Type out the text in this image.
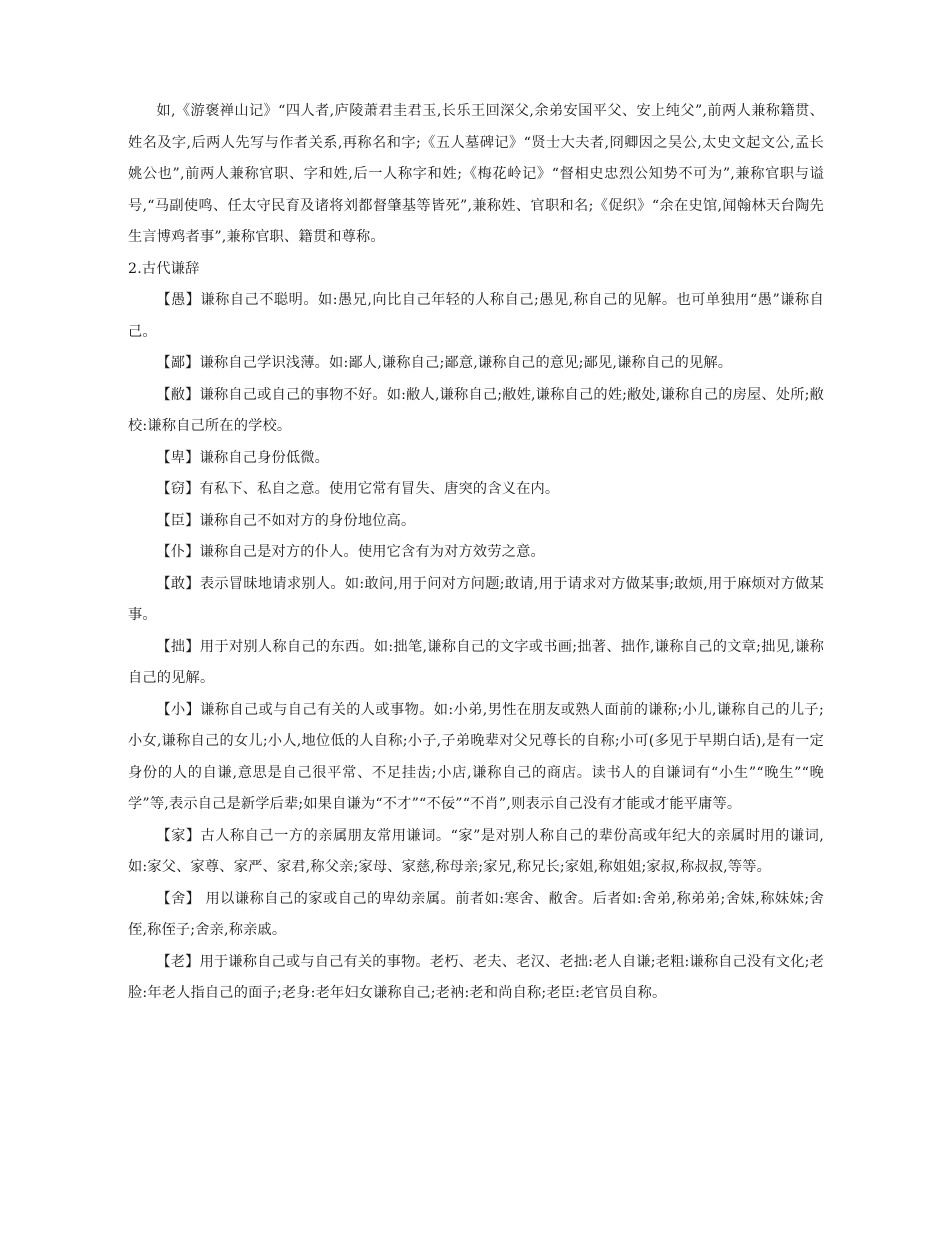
如,《游褒禅山记》“四人者,庐陵萧君圭君玉,长乐王回深父,余弟安国平父、安上纯父”,前两人兼称籍贯、姓名及字,后两人先写与作者关系,再称名和字;《五人墓碑记》“贤士大夫者,冏卿因之吴公,太史文起文公,孟长姚公也”,前两人兼称官职、字和姓,后一人称字和姓;《梅花岭记》“督相史忠烈公知势不可为”,兼称官职与谥号,“马副使鸣、任太守民育及诸将刘都督肇基等皆死”,兼称姓、官职和名;《促织》“余在史馆,闻翰林天台陶先生言博鸡者事”,兼称官职、籍贯和尊称。

2.古代谦辞

【愚】谦称自己不聪明。如:愚兄,向比自己年轻的人称自己;愚见,称自己的见解。也可单独用“愚”谦称自己。

【鄙】谦称自己学识浅薄。如:鄙人,谦称自己;鄙意,谦称自己的意见;鄙见,谦称自己的见解。

【敝】谦称自己或自己的事物不好。如:敝人,谦称自己;敝姓,谦称自己的姓;敝处,谦称自己的房屋、处所;敝校:谦称自己所在的学校。

【卑】谦称自己身份低微。

【窃】有私下、私自之意。使用它常有冒失、唐突的含义在内。

【臣】谦称自己不如对方的身份地位高。

【仆】谦称自己是对方的仆人。使用它含有为对方效劳之意。

【敢】表示冒昧地请求别人。如:敢问,用于问对方问题;敢请,用于请求对方做某事;敢烦,用于麻烦对方做某事。

【拙】用于对别人称自己的东西。如:拙笔,谦称自己的文字或书画;拙著、拙作,谦称自己的文章;拙见,谦称自己的见解。

【小】谦称自己或与自己有关的人或事物。如:小弟,男性在朋友或熟人面前的谦称;小儿,谦称自己的儿子;小女,谦称自己的女儿;小人,地位低的人自称;小子,子弟晚辈对父兄尊长的自称;小可(多见于早期白话),是有一定身份的人的自谦,意思是自己很平常、不足挂齿;小店,谦称自己的商店。读书人的自谦词有“小生”“晚生”“晚学”等,表示自己是新学后辈;如果自谦为“不才”“不佞”“不肖”,则表示自己没有才能或才能平庸等。

【家】古人称自己一方的亲属朋友常用谦词。“家”是对别人称自己的辈份高或年纪大的亲属时用的谦词,如:家父、家尊、家严、家君,称父亲;家母、家慈,称母亲;家兄,称兄长;家姐,称姐姐;家叔,称叔叔,等等。

【舍】 用以谦称自己的家或自己的卑幼亲属。前者如:寒舍、敝舍。后者如:舍弟,称弟弟;舍妹,称妹妹;舍侄,称侄子;舍亲,称亲戚。

【老】用于谦称自己或与自己有关的事物。老朽、老夫、老汉、老拙:老人自谦;老粗:谦称自己没有文化;老脸:年老人指自己的面子;老身:老年妇女谦称自己;老衲:老和尚自称;老臣:老官员自称。
